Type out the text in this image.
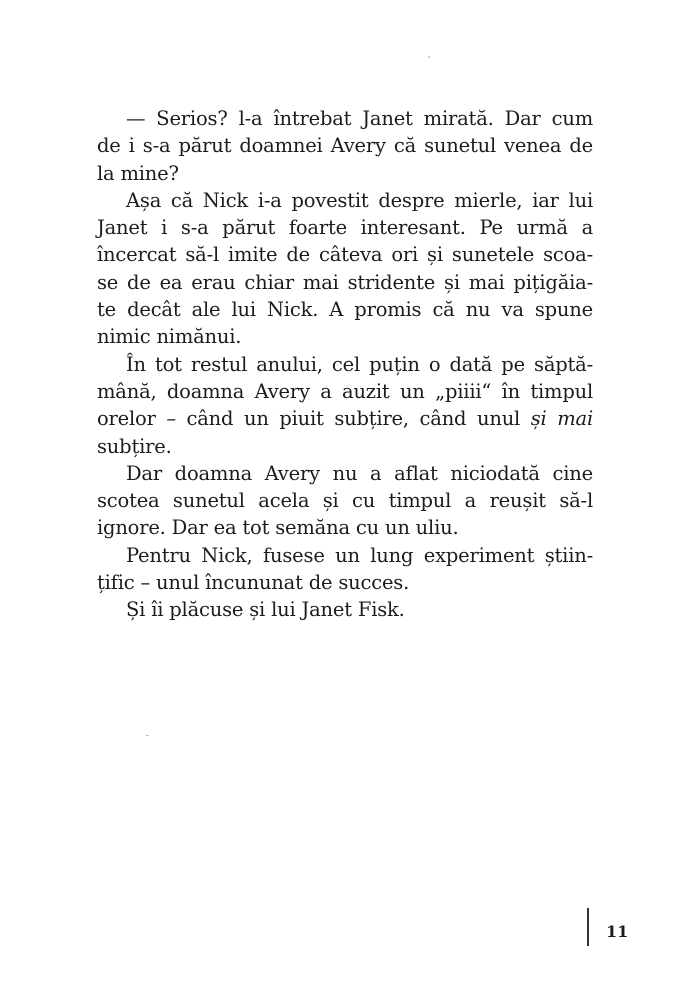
— Serios? l-a întrebat Janet mirată. Dar cum
de i s-a părut doamnei Avery că sunetul venea de
la mine?
Așa că Nick i-a povestit despre mierle, iar lui
Janet i s-a părut foarte interesant. Pe urmă a
încercat să-l imite de câteva ori și sunetele scoa-
se de ea erau chiar mai stridente și mai pițigăia-
te decât ale lui Nick. A promis că nu va spune
nimic nimănui.
În tot restul anului, cel puțin o dată pe săptă-
mână, doamna Avery a auzit un „piiii“ în timpul
orelor – când un piuit subțire, când unul și mai
subțire.
Dar doamna Avery nu a aflat niciodată cine
scotea sunetul acela și cu timpul a reușit să-l
ignore. Dar ea tot semăna cu un uliu.
Pentru Nick, fusese un lung experiment știin-
țific – unul încununat de succes.
Și îi plăcuse și lui Janet Fisk.
11
